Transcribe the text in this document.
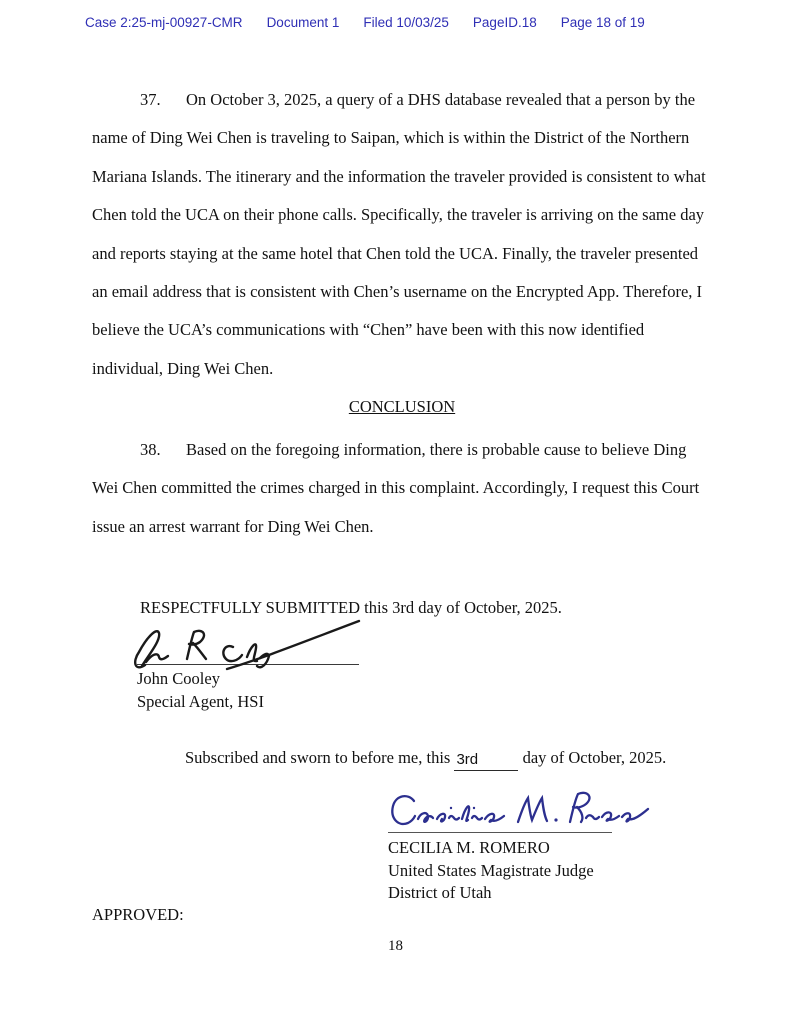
Case 2:25-mj-00927-CMR Document 1 Filed 10/03/25 PageID.18 Page 18 of 19

37. On October 3, 2025, a query of a DHS database revealed that a person by the name of Ding Wei Chen is traveling to Saipan, which is within the District of the Northern Mariana Islands. The itinerary and the information the traveler provided is consistent to what Chen told the UCA on their phone calls. Specifically, the traveler is arriving on the same day and reports staying at the same hotel that Chen told the UCA. Finally, the traveler presented an email address that is consistent with Chen’s username on the Encrypted App. Therefore, I believe the UCA’s communications with “Chen” have been with this now identified individual, Ding Wei Chen.

CONCLUSION

38. Based on the foregoing information, there is probable cause to believe Ding Wei Chen committed the crimes charged in this complaint. Accordingly, I request this Court issue an arrest warrant for Ding Wei Chen.

RESPECTFULLY SUBMITTED this 3rd day of October, 2025.

John Cooley
Special Agent, HSI

Subscribed and sworn to before me, this 3rd	day of October, 2025.

CECILIA M. ROMERO
United States Magistrate Judge
District of Utah
APPROVED:
18
